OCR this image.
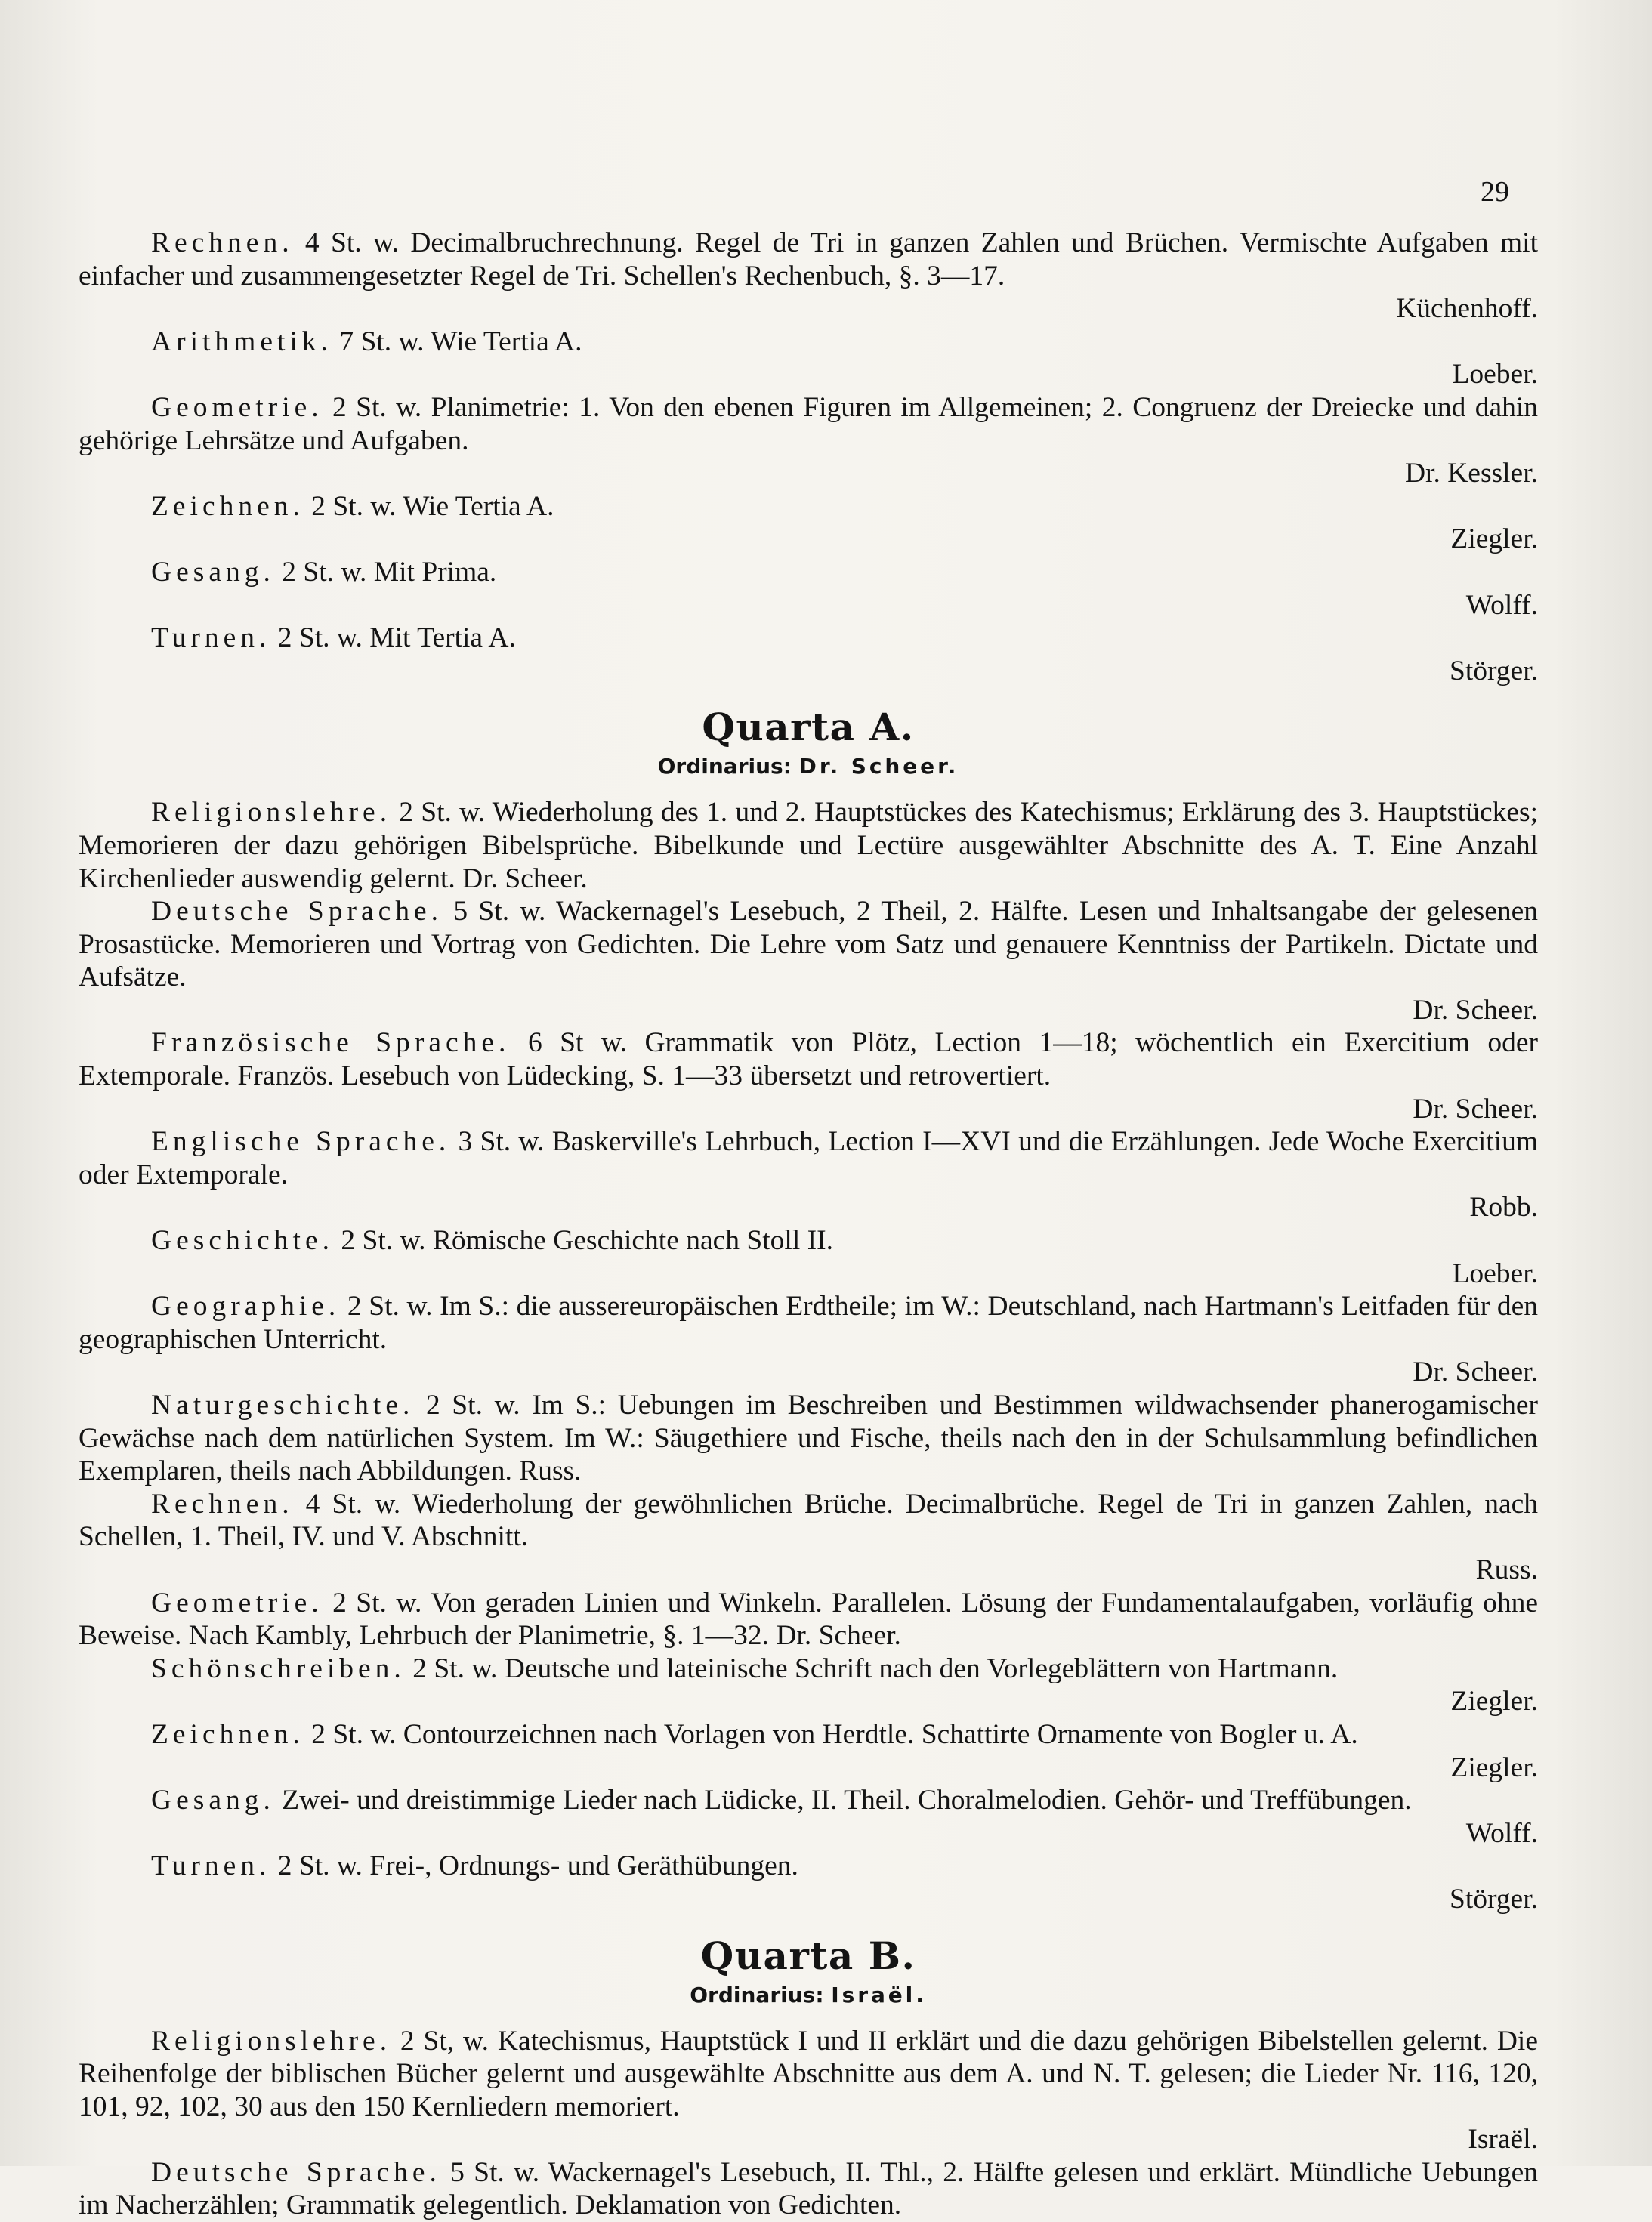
29

Rechnen. 4 St. w. Decimalbruchrechnung. Regel de Tri in ganzen Zahlen und Brüchen. Vermischte Aufgaben mit einfacher und zusammengesetzter Regel de Tri. Schellen's Rechenbuch, §. 3—17.
Küchenhoff.

Arithmetik. 7 St. w. Wie Tertia A.
Loeber.

Geometrie. 2 St. w. Planimetrie: 1. Von den ebenen Figuren im Allgemeinen; 2. Congruenz der Dreiecke und dahin gehörige Lehrsätze und Aufgaben.
Dr. Kessler.

Zeichnen. 2 St. w. Wie Tertia A.
Ziegler.

Gesang. 2 St. w. Mit Prima.
Wolff.

Turnen. 2 St. w. Mit Tertia A.
Störger.

Quarta A.
Ordinarius: Dr. Scheer.

Religionslehre. 2 St. w. Wiederholung des 1. und 2. Hauptstückes des Katechismus; Erklärung des 3. Hauptstückes; Memorieren der dazu gehörigen Bibelsprüche. Bibelkunde und Lectüre ausgewählter Abschnitte des A. T. Eine Anzahl Kirchenlieder auswendig gelernt. Dr. Scheer.

Deutsche Sprache. 5 St. w. Wackernagel's Lesebuch, 2 Theil, 2. Hälfte. Lesen und Inhaltsangabe der gelesenen Prosastücke. Memorieren und Vortrag von Gedichten. Die Lehre vom Satz und genauere Kenntniss der Partikeln. Dictate und Aufsätze.
Dr. Scheer.

Französische Sprache. 6 St w. Grammatik von Plötz, Lection 1—18; wöchentlich ein Exercitium oder Extemporale. Französ. Lesebuch von Lüdecking, S. 1—33 übersetzt und retrovertiert.
Dr. Scheer.

Englische Sprache. 3 St. w. Baskerville's Lehrbuch, Lection I—XVI und die Erzählungen. Jede Woche Exercitium oder Extemporale.
Robb.

Geschichte. 2 St. w. Römische Geschichte nach Stoll II.
Loeber.

Geographie. 2 St. w. Im S.: die aussereuropäischen Erdtheile; im W.: Deutschland, nach Hartmann's Leitfaden für den geographischen Unterricht.
Dr. Scheer.

Naturgeschichte. 2 St. w. Im S.: Uebungen im Beschreiben und Bestimmen wildwachsender phanerogamischer Gewächse nach dem natürlichen System. Im W.: Säugethiere und Fische, theils nach den in der Schulsammlung befindlichen Exemplaren, theils nach Abbildungen. Russ.

Rechnen. 4 St. w. Wiederholung der gewöhnlichen Brüche. Decimalbrüche. Regel de Tri in ganzen Zahlen, nach Schellen, 1. Theil, IV. und V. Abschnitt.
Russ.

Geometrie. 2 St. w. Von geraden Linien und Winkeln. Parallelen. Lösung der Fundamentalaufgaben, vorläufig ohne Beweise. Nach Kambly, Lehrbuch der Planimetrie, §. 1—32. Dr. Scheer.

Schönschreiben. 2 St. w. Deutsche und lateinische Schrift nach den Vorlegeblättern von Hartmann.
Ziegler.

Zeichnen. 2 St. w. Contourzeichnen nach Vorlagen von Herdtle. Schattirte Ornamente von Bogler u. A.
Ziegler.

Gesang. Zwei- und dreistimmige Lieder nach Lüdicke, II. Theil. Choralmelodien. Gehör- und Treffübungen.
Wolff.

Turnen. 2 St. w. Frei-, Ordnungs- und Geräthübungen.
Störger.

Quarta B.
Ordinarius: Israël.

Religionslehre. 2 St, w. Katechismus, Hauptstück I und II erklärt und die dazu gehörigen Bibelstellen gelernt. Die Reihenfolge der biblischen Bücher gelernt und ausgewählte Abschnitte aus dem A. und N. T. gelesen; die Lieder Nr. 116, 120, 101, 92, 102, 30 aus den 150 Kernliedern memoriert.
Israël.

Deutsche Sprache. 5 St. w. Wackernagel's Lesebuch, II. Thl., 2. Hälfte gelesen und erklärt. Mündliche Uebungen im Nacherzählen; Grammatik gelegentlich. Deklamation von Gedichten.
